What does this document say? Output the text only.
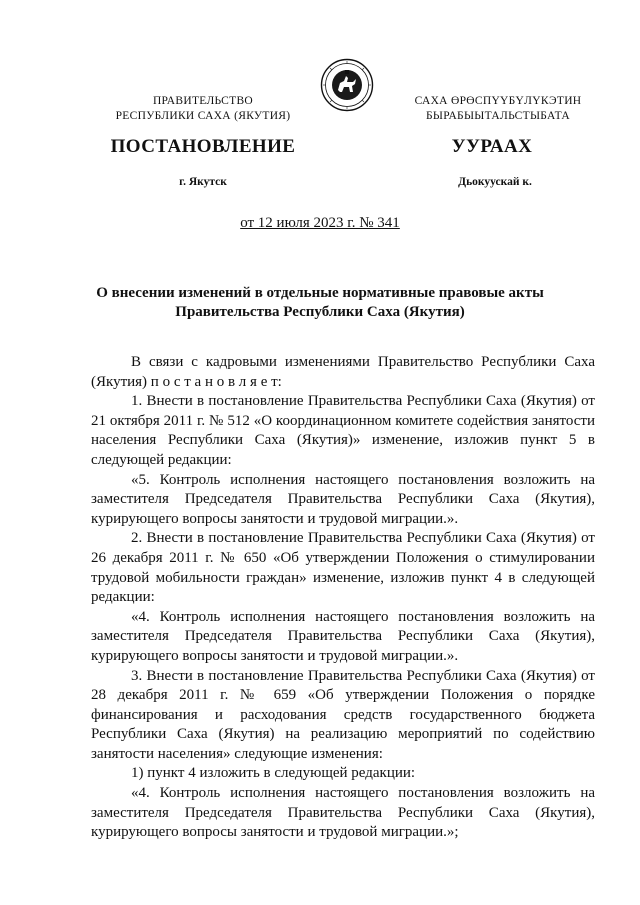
ПРАВИТЕЛЬСТВО
РЕСПУБЛИКИ САХА (ЯКУТИЯ)
САХА ӨРӨСПҮҮБҮЛҮКЭТИН
БЫРАБЫЫТАЛЬСТЫБАТА
ПОСТАНОВЛЕНИЕ	УУРААХ
г. Якутск	Дьокуускай к.
от 12 июля 2023 г. № 341
О внесении изменений в отдельные нормативные правовые акты
Правительства Республики Саха (Якутия)

В связи с кадровыми изменениями Правительство Республики Саха (Якутия) п о с т а н о в л я е т:

1. Внести в постановление Правительства Республики Саха (Якутия) от 21 октября 2011 г. № 512 «О координационном комитете содействия занятости населения Республики Саха (Якутия)» изменение, изложив пункт 5 в следующей редакции:

«5. Контроль исполнения настоящего постановления возложить на заместителя Председателя Правительства Республики Саха (Якутия), курирующего вопросы занятости и трудовой миграции.».

2. Внести в постановление Правительства Республики Саха (Якутия) от 26 декабря 2011 г. № 650 «Об утверждении Положения о стимулировании трудовой мобильности граждан» изменение, изложив пункт 4 в следующей редакции:

«4. Контроль исполнения настоящего постановления возложить на заместителя Председателя Правительства Республики Саха (Якутия), курирующего вопросы занятости и трудовой миграции.».

3. Внести в постановление Правительства Республики Саха (Якутия) от 28 декабря 2011 г. № 659 «Об утверждении Положения о порядке финансирования и расходования средств государственного бюджета Республики Саха (Якутия) на реализацию мероприятий по содействию занятости населения» следующие изменения:

1) пункт 4 изложить в следующей редакции:

«4. Контроль исполнения настоящего постановления возложить на заместителя Председателя Правительства Республики Саха (Якутия), курирующего вопросы занятости и трудовой миграции.»;
